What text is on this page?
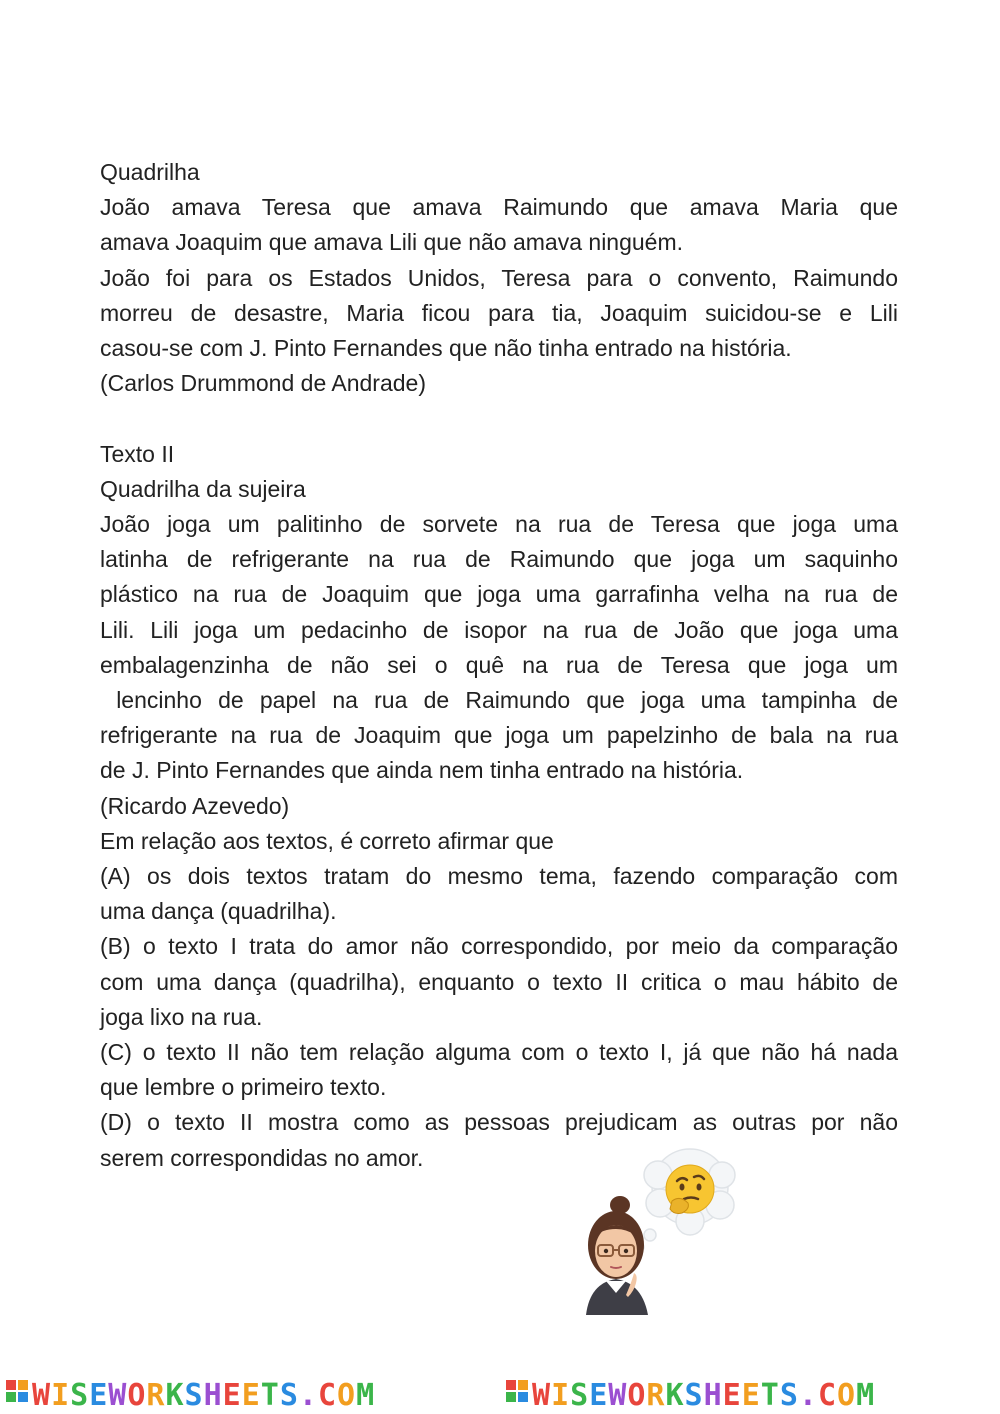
Quadrilha
João amava Teresa que amava Raimundo que amava Maria que
amava Joaquim que amava Lili que não amava ninguém.
João foi para os Estados Unidos, Teresa para o convento, Raimundo
morreu de desastre, Maria ficou para tia, Joaquim suicidou-se e Lili
casou-se com J. Pinto Fernandes que não tinha entrado na história.
(Carlos Drummond de Andrade)
Texto II
Quadrilha da sujeira
João joga um palitinho de sorvete na rua de Teresa que joga uma
latinha de refrigerante na rua de Raimundo que joga um saquinho
plástico na rua de Joaquim que joga uma garrafinha velha na rua de
Lili. Lili joga um pedacinho de isopor na rua de João que joga uma
embalagenzinha de não sei o quê na rua de Teresa que joga um
lencinho de papel na rua de Raimundo que joga uma tampinha de
refrigerante na rua de Joaquim que joga um papelzinho de bala na rua
de J. Pinto Fernandes que ainda nem tinha entrado na história.
(Ricardo Azevedo)
Em relação aos textos, é correto afirmar que
(A) os dois textos tratam do mesmo tema, fazendo comparação com
uma dança (quadrilha).
(B) o texto I trata do amor não correspondido, por meio da comparação
com uma dança (quadrilha), enquanto o texto II critica o mau hábito de
joga lixo na rua.
(C) o texto II não tem relação alguma com o texto I, já que não há nada
que lembre o primeiro texto.
(D) o texto II mostra como as pessoas prejudicam as outras por não
serem correspondidas no amor.
WISEWORKSHEETS.COM	WISEWORKSHEETS.COM
